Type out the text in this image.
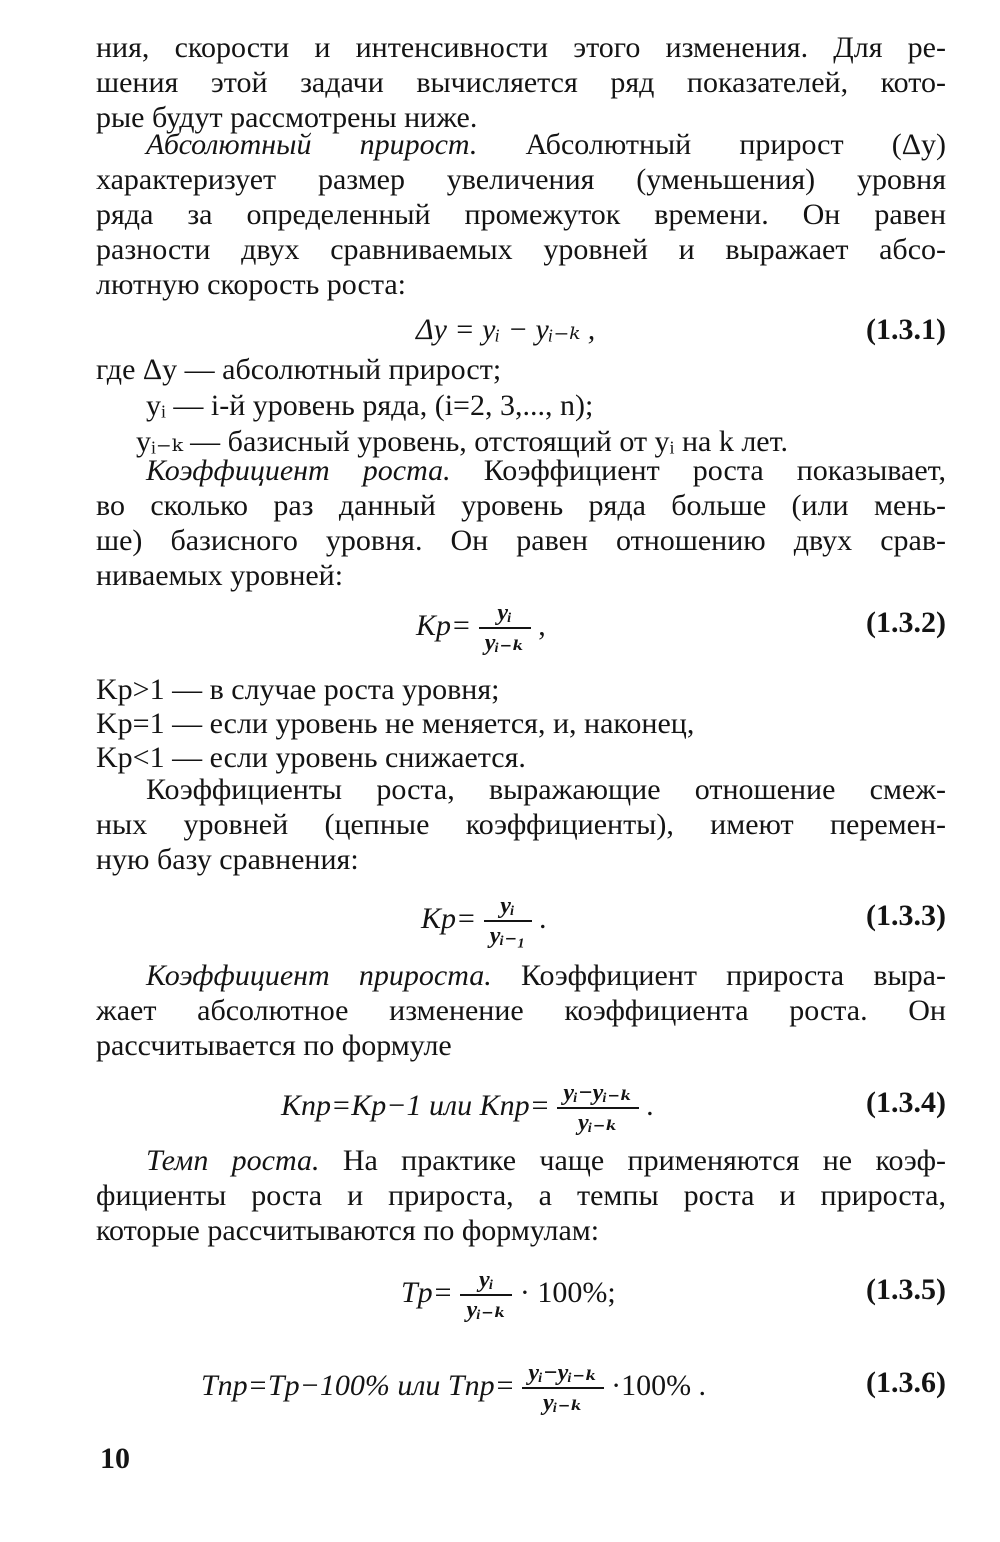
ния, скорости и интенсивности этого изменения. Для ре-
шения этой задачи вычисляется ряд показателей, кото-
рые будут рассмотрены ниже.
Абсолютный прирост. Абсолютный прирост (Δy)
характеризует размер увеличения (уменьшения) уровня
ряда за определенный промежуток времени. Он равен
разности двух сравниваемых уровней и выражает абсо-
лютную скорость роста:
Δy = yᵢ − yᵢ₋ₖ ,	(1.3.1)
где Δy — абсолютный прирост;
yᵢ — i-й уровень ряда, (i=2, 3,..., n);
yᵢ₋ₖ — базисный уровень, отстоящий от yᵢ на k лет.
Коэффициент роста. Коэффициент роста показывает,
во сколько раз данный уровень ряда больше (или мень-
ше) базисного уровня. Он равен отношению двух срав-
ниваемых уровней:
$Kр= \frac{\text{yᵢ}}{\text{yᵢ₋ₖ}}$ ,	(1.3.2)
Kр>1 — в случае роста уровня;
Kр=1 — если уровень не меняется, и, наконец,
Kр<1 — если уровень снижается.
Коэффициенты роста, выражающие отношение смеж-
ных уровней (цепные коэффициенты), имеют перемен-
ную базу сравнения:
$Kр= \frac{\text{yᵢ}}{\text{yᵢ₋₁}}$ .	(1.3.3)
Коэффициент прироста. Коэффициент прироста выра-
жает абсолютное изменение коэффициента роста. Он
рассчитывается по формуле
Kпр=Kр−1 или $Kпр= \frac{\text{yᵢ−yᵢ₋ₖ}}{\text{yᵢ₋ₖ}}$ .	(1.3.4)
Темп роста. На практике чаще применяются не коэф-
фициенты роста и прироста, а темпы роста и прироста,
которые рассчитываются по формулам:
$Tр= \frac{\text{yᵢ}}{\text{yᵢ₋ₖ}} \cdot 100\%$;	(1.3.5)
Tпр=Tр−100% или $Tпр= \frac{\text{yᵢ−yᵢ₋ₖ}}{\text{yᵢ₋ₖ}} \cdot 100\%$ .	(1.3.6)
10
